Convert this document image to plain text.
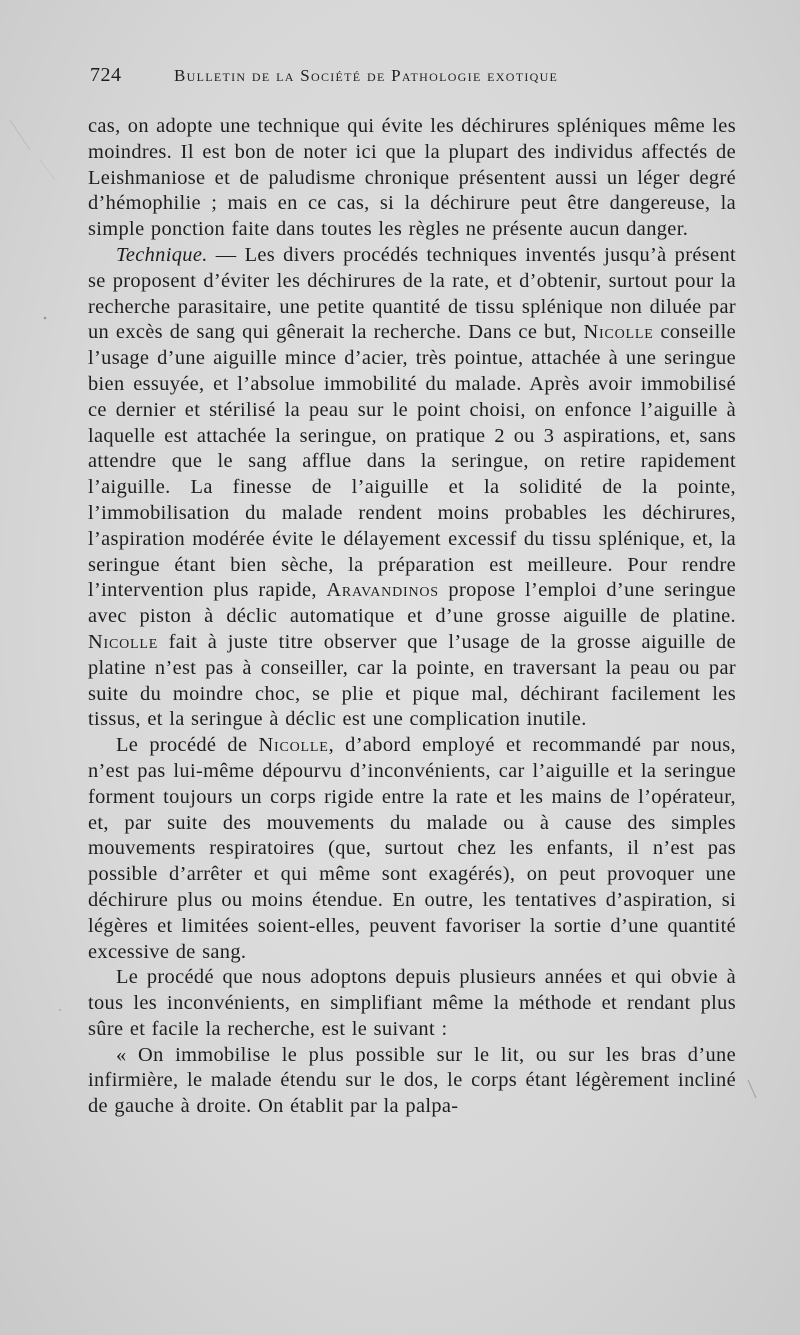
724	Bulletin de la Société de Pathologie exotique

cas, on adopte une technique qui évite les déchirures spléniques même les moindres. Il est bon de noter ici que la plupart des individus affectés de Leishmaniose et de paludisme chronique présentent aussi un léger degré d’hémophilie ; mais en ce cas, si la déchirure peut être dangereuse, la simple ponction faite dans toutes les règles ne présente aucun danger.

Technique. — Les divers procédés techniques inventés jusqu’à présent se proposent d’éviter les déchirures de la rate, et d’obtenir, surtout pour la recherche parasitaire, une petite quantité de tissu splénique non diluée par un excès de sang qui gênerait la recherche. Dans ce but, Nicolle conseille l’usage d’une aiguille mince d’acier, très pointue, attachée à une seringue bien essuyée, et l’absolue immobilité du malade. Après avoir immobilisé ce dernier et stérilisé la peau sur le point choisi, on enfonce l’aiguille à laquelle est attachée la seringue, on pratique 2 ou 3 aspirations, et, sans attendre que le sang afflue dans la seringue, on retire rapidement l’aiguille. La finesse de l’aiguille et la solidité de la pointe, l’immobilisation du malade rendent moins probables les déchirures, l’aspiration modérée évite le délayement excessif du tissu splénique, et, la seringue étant bien sèche, la préparation est meilleure. Pour rendre l’intervention plus rapide, Aravandinos propose l’emploi d’une seringue avec piston à déclic automatique et d’une grosse aiguille de platine. Nicolle fait à juste titre observer que l’usage de la grosse aiguille de platine n’est pas à conseiller, car la pointe, en traversant la peau ou par suite du moindre choc, se plie et pique mal, déchirant facilement les tissus, et la seringue à déclic est une complication inutile.

Le procédé de Nicolle, d’abord employé et recommandé par nous, n’est pas lui-même dépourvu d’inconvénients, car l’aiguille et la seringue forment toujours un corps rigide entre la rate et les mains de l’opérateur, et, par suite des mouvements du malade ou à cause des simples mouvements respiratoires (que, surtout chez les enfants, il n’est pas possible d’arrêter et qui même sont exagérés), on peut provoquer une déchirure plus ou moins étendue. En outre, les tentatives d’aspiration, si légères et limitées soient-elles, peuvent favoriser la sortie d’une quantité excessive de sang.

Le procédé que nous adoptons depuis plusieurs années et qui obvie à tous les inconvénients, en simplifiant même la méthode et rendant plus sûre et facile la recherche, est le suivant :

« On immobilise le plus possible sur le lit, ou sur les bras d’une infirmière, le malade étendu sur le dos, le corps étant légèrement incliné de gauche à droite. On établit par la palpa-
